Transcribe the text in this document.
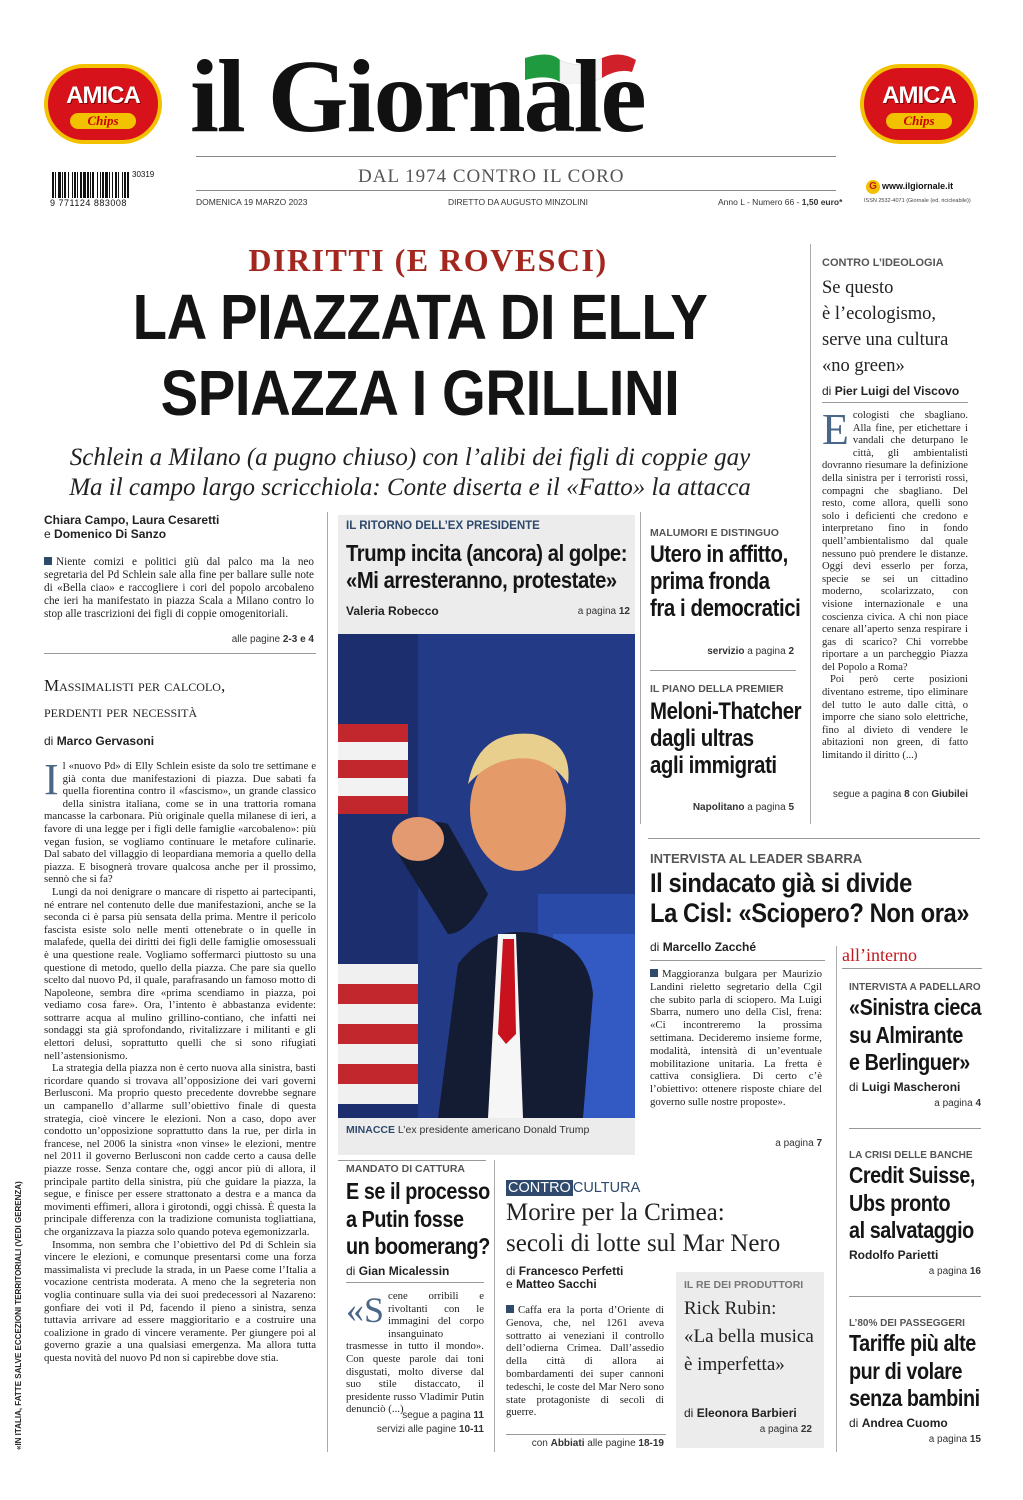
AMICA
Chips
AMICA
Chips
il Giornale
DAL 1974 CONTRO IL CORO
30319
9 771124 883008	DOMENICA 19 MARZO 2023	DIRETTO DA AUGUSTO MINZOLINI	Anno L - Numero 66 - 1,50 euro*
G www.ilgiornale.it
ISSN 2532-4071 (Giornale (ed. ricicleabile))
«IN ITALIA, FATTE SALVE ECCEZIONI TERRITORIALI (VEDI GERENZA)
DIRITTI (E ROVESCI)
LA PIAZZATA DI ELLY
SPIAZZA I GRILLINI
Schlein a Milano (a pugno chiuso) con l’alibi dei figli di coppie gay
Ma il campo largo scricchiola: Conte diserta e il «Fatto» la attacca
Chiara Campo, Laura Cesaretti
e Domenico Di Sanzo
Niente comizi e politici giù dal palco ma la neo segretaria del Pd Schlein sale alla fine per ballare sulle note di «Bella ciao» e raccogliere i cori del popolo arcobaleno che ieri ha manifestato in piazza Scala a Milano contro lo stop alle trascrizioni dei figli di coppie omogenitoriali.
alle pagine 2-3 e 4
Massimalisti per calcolo,
perdenti per necessità
di Marco Gervasoni
Il «nuovo Pd» di Elly Schlein esiste da solo tre settimane e già conta due manifestazioni di piazza. Due sabati fa quella fiorentina contro il «fascismo», un grande classico della sinistra italiana, come se in una trattoria romana mancasse la carbonara. Più originale quella milanese di ieri, a favore di una legge per i figli delle famiglie «arcobaleno»: più vegan fusion, se vogliamo continuare le metafore culinarie. Dal sabato del villaggio di leopardiana memoria a quello della piazza. E bisognerà trovare qualcosa anche per il prossimo, sennò che si fa?
Lungi da noi denigrare o mancare di rispetto ai partecipanti, né entrare nel contenuto delle due manifestazioni, anche se la seconda ci è parsa più sensata della prima. Mentre il pericolo fascista esiste solo nelle menti ottenebrate o in quelle in malafede, quella dei diritti dei figli delle famiglie omosessuali è una questione reale. Vogliamo soffermarci piuttosto su una questione di metodo, quello della piazza. Che pare sia quello scelto dal nuovo Pd, il quale, parafrasando un famoso motto di Napoleone, sembra dire «prima scendiamo in piazza, poi vediamo cosa fare». Ora, l’intento è abbastanza evidente: sottrarre acqua al mulino grillino-contiano, che infatti nei sondaggi sta già sprofondando, rivitalizzare i militanti e gli elettori delusi, soprattutto quelli che si sono rifugiati nell’astensionismo.
La strategia della piazza non è certo nuova alla sinistra, basti ricordare quando si trovava all’opposizione dei vari governi Berlusconi. Ma proprio questo precedente dovrebbe segnare un campanello d’allarme sull’obiettivo finale di questa strategia, cioè vincere le elezioni. Non a caso, dopo aver condotto un’opposizione soprattutto dans la rue, per dirla in francese, nel 2006 la sinistra «non vinse» le elezioni, mentre nel 2011 il governo Berlusconi non cadde certo a causa delle piazze rosse. Senza contare che, oggi ancor più di allora, il principale partito della sinistra, più che guidare la piazza, la segue, e finisce per essere strattonato a destra e a manca da movimenti effimeri, allora i girotondi, oggi chissà. È questa la principale differenza con la tradizione comunista togliattiana, che organizzava la piazza solo quando poteva egemonizzarla.
Insomma, non sembra che l’obiettivo del Pd di Schlein sia vincere le elezioni, e comunque presentarsi come una forza massimalista vi preclude la strada, in un Paese come l’Italia a vocazione centrista moderata. A meno che la segreteria non voglia continuare sulla via dei suoi predecessori al Nazareno: gonfiare dei voti il Pd, facendo il pieno a sinistra, senza tuttavia arrivare ad essere maggioritario e a costruire una coalizione in grado di vincere veramente. Per giungere poi al governo grazie a una qualsiasi emergenza. Ma allora tutta questa novità del nuovo Pd non si capirebbe dove stia.
IL RITORNO DELL’EX PRESIDENTE
Trump incita (ancora) al golpe: «Mi arresteranno, protestate»
Valeria Robecco	a pagina 12
MINACCE L’ex presidente americano Donald Trump
MALUMORI E DISTINGUO
Utero in affitto,
prima fronda
fra i democratici
servizio a pagina 2
IL PIANO DELLA PREMIER
Meloni-Thatcher
dagli ultras
agli immigrati
Napolitano a pagina 5
CONTRO L’IDEOLOGIA
Se questo
è l’ecologismo,
serve una cultura
«no green»
di Pier Luigi del Viscovo
Ecologisti che sbagliano. Alla fine, per etichettare i vandali che deturpano le città, gli ambientalisti dovranno riesumare la definizione della sinistra per i terroristi rossi, compagni che sbagliano. Del resto, come allora, quelli sono solo i deficienti che credono e interpretano fino in fondo quell’ambientalismo dal quale nessuno può prendere le distanze. Oggi devi esserlo per forza, specie se sei un cittadino moderno, scolarizzato, con visione internazionale e una coscienza civica. A chi non piace cenare all’aperto senza respirare i gas di scarico? Chi vorrebbe riportare a un parcheggio Piazza del Popolo a Roma?
Poi però certe posizioni diventano estreme, tipo eliminare del tutto le auto dalle città, o imporre che siano solo elettriche, fino al divieto di vendere le abitazioni non green, di fatto limitando il diritto (...)
segue a pagina 8 con Giubilei
INTERVISTA AL LEADER SBARRA
Il sindacato già si divide
La Cisl: «Sciopero? Non ora»
di Marcello Zacché
Maggioranza bulgara per Maurizio Landini rieletto segretario della Cgil che subito parla di sciopero. Ma Luigi Sbarra, numero uno della Cisl, frena: «Ci incontreremo la prossima settimana. Decideremo insieme forme, modalità, intensità di un’eventuale mobilitazione unitaria. La fretta è cattiva consigliera. Di certo c’è l’obiettivo: ottenere risposte chiare del governo sulle nostre proposte».
a pagina 7
all’interno
INTERVISTA A PADELLARO
«Sinistra cieca
su Almirante
e Berlinguer»
di Luigi Mascheroni
a pagina 4
LA CRISI DELLE BANCHE
Credit Suisse,
Ubs pronto
al salvataggio
Rodolfo Parietti
a pagina 16
L’80% DEI PASSEGGERI
Tariffe più alte
pur di volare
senza bambini
di Andrea Cuomo
a pagina 15
MANDATO DI CATTURA
E se il processo
a Putin fosse
un boomerang?
di Gian Micalessin
«Scene orribili e rivoltanti con le immagini del corpo insanguinato trasmesse in tutto il mondo». Con queste parole dai toni disgustati, molto diverse dal suo stile distaccato, il presidente russo Vladimir Putin denunciò (...)
segue a pagina 11
servizi alle pagine 10-11
CONTRO CULTURA
Morire per la Crimea:
secoli di lotte sul Mar Nero
di Francesco Perfetti
e Matteo Sacchi
Caffa era la porta d’Oriente di Genova, che, nel 1261 aveva sottratto ai veneziani il controllo dell’odierna Crimea. Dall’assedio della città di allora ai bombardamenti dei super cannoni tedeschi, le coste del Mar Nero sono state protagoniste di secoli di guerre.
con Abbiati alle pagine 18-19
IL RE DEI PRODUTTORI
Rick Rubin:
«La bella musica
è imperfetta»
di Eleonora Barbieri
a pagina 22
